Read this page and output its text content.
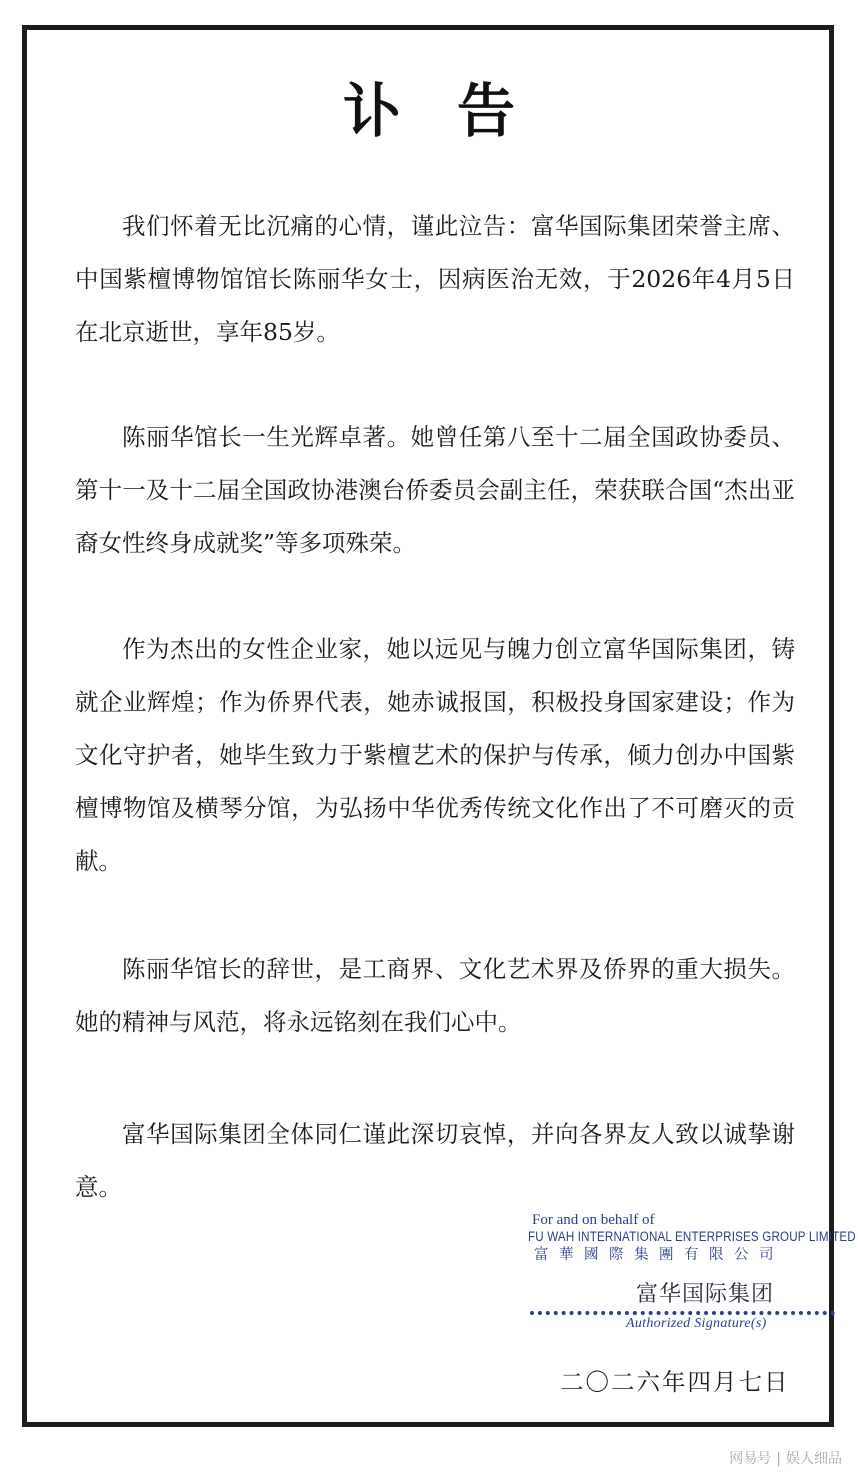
讣告

我们怀着无比沉痛的心情，谨此泣告：富华国际集团荣誉主席、中国紫檀博物馆馆长陈丽华女士，因病医治无效，于2026年4月5日在北京逝世，享年85岁。

陈丽华馆长一生光辉卓著。她曾任第八至十二届全国政协委员、第十一及十二届全国政协港澳台侨委员会副主任，荣获联合国“杰出亚裔女性终身成就奖”等多项殊荣。

作为杰出的女性企业家，她以远见与魄力创立富华国际集团，铸就企业辉煌；作为侨界代表，她赤诚报国，积极投身国家建设；作为文化守护者，她毕生致力于紫檀艺术的保护与传承，倾力创办中国紫檀博物馆及横琴分馆，为弘扬中华优秀传统文化作出了不可磨灭的贡献。

陈丽华馆长的辞世，是工商界、文化艺术界及侨界的重大损失。她的精神与风范，将永远铭刻在我们心中。

富华国际集团全体同仁谨此深切哀悼，并向各界友人致以诚挚谢意。

For and on behalf of
FU WAH INTERNATIONAL ENTERPRISES GROUP LIMITED
富華國際集團有限公司
富华国际集团
Authorized Signature(s)
二〇二六年四月七日
网易号 | 娱人细品
